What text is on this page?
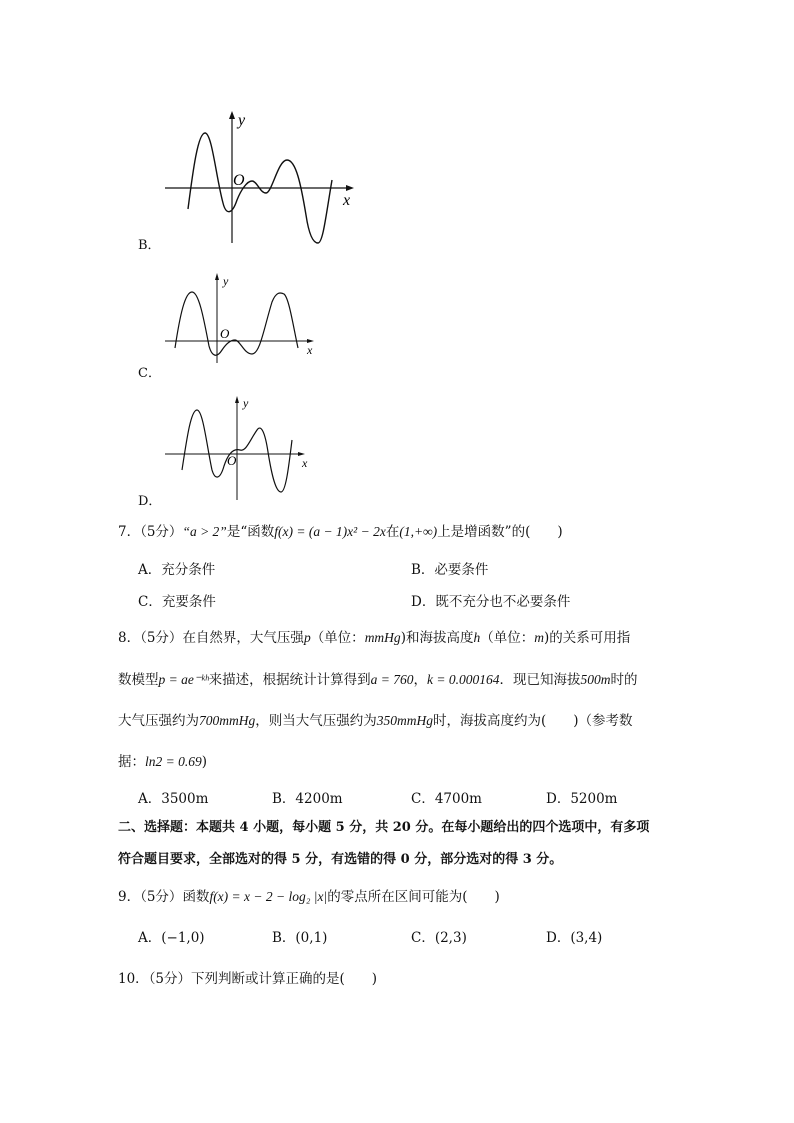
y
x
O
B．
y
x
O
C．
y
x
O
D．
7．（5分）“a > 2”是“函数f(x) = (a − 1)x² − 2x在(1,+∞)上是增函数”的(　　)
A．充分条件	B．必要条件
C．充要条件	D．既不充分也不必要条件
8．（5分）在自然界，大气压强p（单位：mmHg)和海拔高度h（单位：m)的关系可用指
数模型p = ae⁻ᵏʰ来描述，根据统计计算得到a = 760，k = 0.000164．现已知海拔500m时的
大气压强约为700mmHg，则当大气压强约为350mmHg时，海拔高度约为(　　)（参考数
据：ln2 = 0.69)
A．3500m	B．4200m	C．4700m	D．5200m
二、选择题：本题共 4 小题，每小题 5 分，共 20 分。在每小题给出的四个选项中，有多项
符合题目要求，全部选对的得 5 分，有选错的得 0 分，部分选对的得 3 分。
9．（5分）函数f(x) = x − 2 − log₂ |x|的零点所在区间可能为(　　)
A．(−1,0)	B．(0,1)	C．(2,3)	D．(3,4)
10．（5分）下列判断或计算正确的是(　　)
